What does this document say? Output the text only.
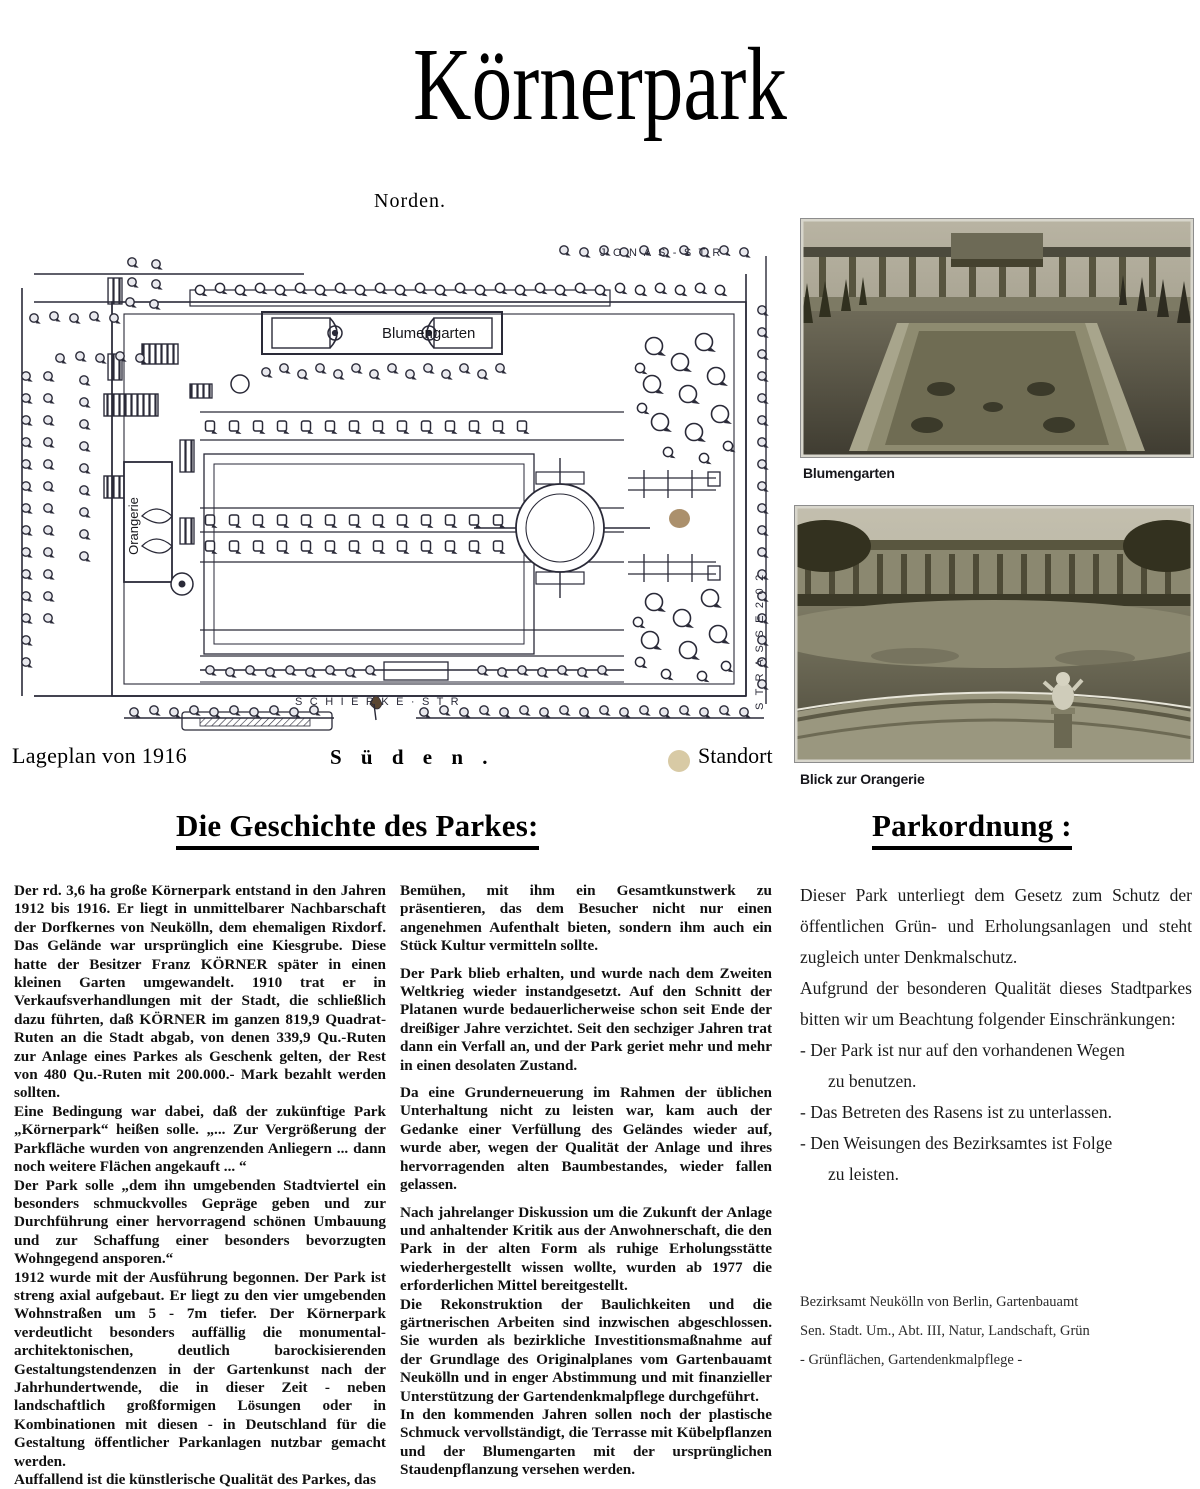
Körnerpark
Norden.
Blumengarten
Orangerie
S T R A S S E 2 0 2
J O N A S - S T R .
S C H I E R K E · S T R
Lageplan von 1916	S ü d e n .	Standort
Blumengarten
Blick zur Orangerie
Die Geschichte des Parkes:	Parkordnung :

Der rd. 3,6 ha große Körnerpark entstand in den Jahren 1912 bis 1916. Er liegt in unmittelbarer Nachbarschaft der Dorfkernes von Neukölln, dem ehemaligen Rixdorf. Das Gelände war ursprünglich eine Kiesgrube. Diese hatte der Besitzer Franz KÖRNER später in einen kleinen Garten umgewandelt. 1910 trat er in Verkaufsverhandlungen mit der Stadt, die schließlich dazu führten, daß KÖRNER im ganzen 819,9 Quadrat-Ruten an die Stadt abgab, von denen 339,9 Qu.-Ruten zur Anlage eines Parkes als Geschenk gelten, der Rest von 480 Qu.-Ruten mit 200.000.- Mark bezahlt werden sollten.

Eine Bedingung war dabei, daß der zukünftige Park „Körnerpark“ heißen solle. „... Zur Vergrößerung der Parkfläche wurden von angrenzenden Anliegern ... dann noch weitere Flächen angekauft ... “

Der Park solle „dem ihn umgebenden Stadtviertel ein besonders schmuckvolles Gepräge geben und zur Durchführung einer hervorragend schönen Umbauung und zur Schaffung einer besonders bevorzugten Wohngegend ansporen.“

1912 wurde mit der Ausführung begonnen. Der Park ist streng axial aufgebaut. Er liegt zu den vier umgebenden Wohnstraßen um 5 - 7m tiefer. Der Körnerpark verdeutlicht besonders auffällig die monumental-architektonischen, deutlich barockisierenden Gestaltungstendenzen in der Gartenkunst nach der Jahrhundertwende, die in dieser Zeit - neben landschaftlich großformigen Lösungen oder in Kombinationen mit diesen - in Deutschland für die Gestaltung öffentlicher Parkanlagen nutzbar gemacht werden.

Auffallend ist die künstlerische Qualität des Parkes, das

Bemühen, mit ihm ein Gesamtkunstwerk zu präsentieren, das dem Besucher nicht nur einen angenehmen Aufenthalt bieten, sondern ihm auch ein Stück Kultur vermitteln sollte.

Der Park blieb erhalten, und wurde nach dem Zweiten Weltkrieg wieder instandgesetzt. Auf den Schnitt der Platanen wurde bedauerlicherweise schon seit Ende der dreißiger Jahre verzichtet. Seit den sechziger Jahren trat dann ein Verfall an, und der Park geriet mehr und mehr in einen desolaten Zustand.

Da eine Grunderneuerung im Rahmen der üblichen Unterhaltung nicht zu leisten war, kam auch der Gedanke einer Verfüllung des Geländes wieder auf, wurde aber, wegen der Qualität der Anlage und ihres hervorragenden alten Baumbestandes, wieder fallen gelassen.

Nach jahrelanger Diskussion um die Zukunft der Anlage und anhaltender Kritik aus der Anwohnerschaft, die den Park in der alten Form als ruhige Erholungsstätte wiederhergestellt wissen wollte, wurden ab 1977 die erforderlichen Mittel bereitgestellt.

Die Rekonstruktion der Baulichkeiten und die gärtnerischen Arbeiten sind inzwischen abgeschlossen. Sie wurden als bezirkliche Investitionsmaßnahme auf der Grundlage des Originalplanes vom Gartenbauamt Neukölln und in enger Abstimmung und mit finanzieller Unterstützung der Gartendenkmalpflege durchgeführt.

In den kommenden Jahren sollen noch der plastische Schmuck vervollständigt, die Terrasse mit Kübelpflanzen und der Blumengarten mit der ursprünglichen Staudenpflanzung versehen werden.

Dieser Park unterliegt dem Gesetz zum Schutz der öffentlichen Grün- und Erholungsanlagen und steht zugleich unter Denkmalschutz.

Aufgrund der besonderen Qualität dieses Stadtparkes bitten wir um Beachtung folgender Einschränkungen:

- Der Park ist nur auf den vorhandenen Wegen
zu benutzen.
- Das Betreten des Rasens ist zu unterlassen.
- Den Weisungen des Bezirksamtes ist Folge
zu leisten.
Bezirksamt Neukölln von Berlin, Gartenbauamt
Sen. Stadt. Um., Abt. III, Natur, Landschaft, Grün
- Grünflächen, Gartendenkmalpflege -
